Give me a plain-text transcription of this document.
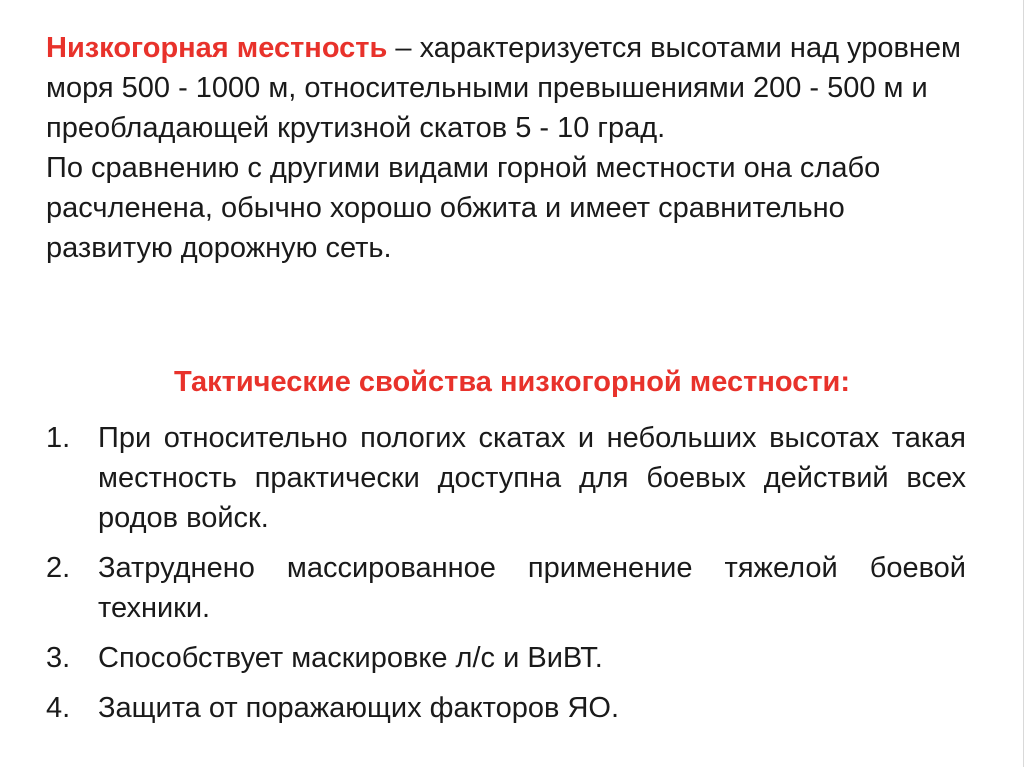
Низкогорная местность – характеризуется высотами над уровнем моря 500 - 1000 м, относительными превышениями 200 - 500 м и преобладающей крутизной скатов 5 - 10 град.

По сравнению с другими видами горной местности она слабо расчленена, обычно хорошо обжита и имеет сравнительно развитую дорожную сеть.

Тактические свойства низкогорной местности:
1. При относительно пологих скатах и небольших высотах такая местность практически доступна для боевых действий всех родов войск.
2. Затруднено массированное применение тяжелой боевой техники.
3. Способствует маскировке л/с и ВиВТ.
4. Защита от поражающих факторов ЯО.
